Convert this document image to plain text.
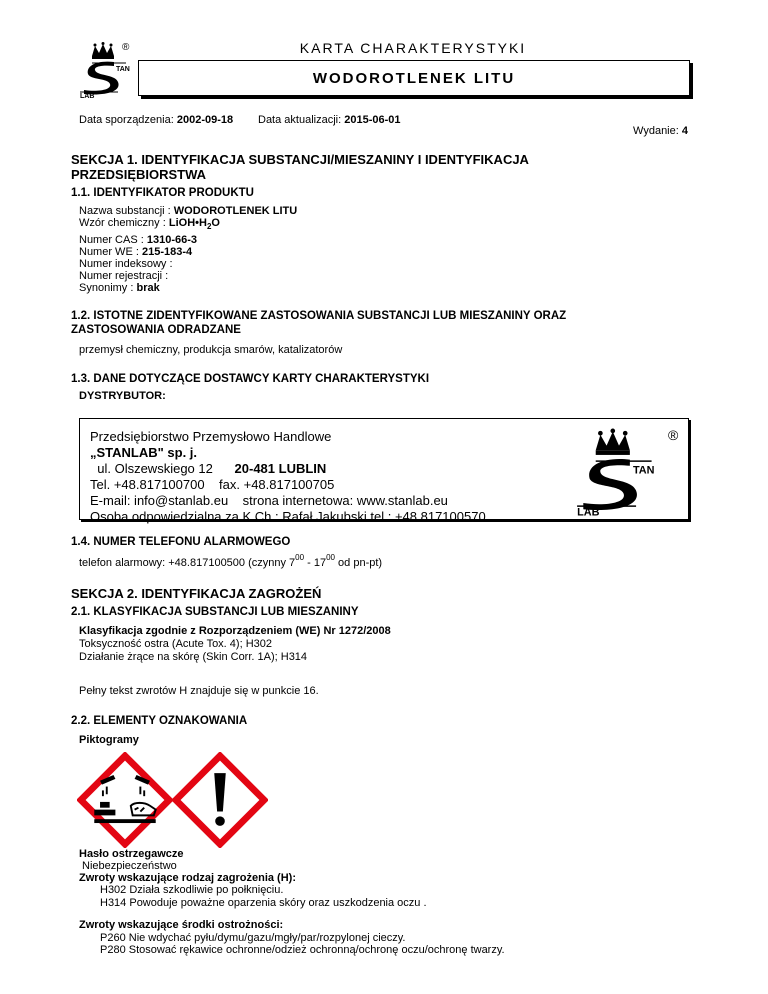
TAN
LAB
®	KARTA CHARAKTERYSTYKI
WODOROTLENEK LITU
Data sporządzenia: 2002-09-18 Data aktualizacji: 2015-06-01
Wydanie: 4
SEKCJA 1. IDENTYFIKACJA SUBSTANCJI/MIESZANINY I IDENTYFIKACJA
PRZEDSIĘBIORSTWA
1.1. IDENTYFIKATOR PRODUKTU
Nazwa substancji : WODOROTLENEK LITU
Wzór chemiczny : $LiOH•H_2O$
Numer CAS : 1310-66-3
Numer WE : 215-183-4
Numer indeksowy :
Numer rejestracji :
Synonimy : brak
1.2. ISTOTNE ZIDENTYFIKOWANE ZASTOSOWANIA SUBSTANCJI LUB MIESZANINY ORAZ
ZASTOSOWANIA ODRADZANE
przemysł chemiczny, produkcja smarów, katalizatorów
1.3. DANE DOTYCZĄCE DOSTAWCY KARTY CHARAKTERYSTYKI
DYSTRYBUTOR:
Przedsiębiorstwo Przemysłowo Handlowe
„STANLAB" sp. j.
ul. Olszewskiego 12 20-481 LUBLIN
Tel. +48.817100700 fax. +48.817100705
E-mail: info@stanlab.eu strona internetowa: www.stanlab.eu
Osoba odpowiedzialna za K.Ch.: Rafał Jakubski tel.: +48.817100570
TAN
LAB
®
1.4. NUMER TELEFONU ALARMOWEGO
telefon alarmowy: +48.817100500 (czynny $7^{00} - 17^{00}$ od pn-pt)
SEKCJA 2. IDENTYFIKACJA ZAGROŻEŃ
2.1. KLASYFIKACJA SUBSTANCJI LUB MIESZANINY
Klasyfikacja zgodnie z Rozporządzeniem (WE) Nr 1272/2008
Toksyczność ostra (Acute Tox. 4); H302
Działanie żrące na skórę (Skin Corr. 1A); H314
Pełny tekst zwrotów H znajduje się w punkcie 16.
2.2. ELEMENTY OZNAKOWANIA
Piktogramy
Hasło ostrzegawcze
Niebezpieczeństwo
Zwroty wskazujące rodzaj zagrożenia (H):
H302 Działa szkodliwie po połknięciu.
H314 Powoduje poważne oparzenia skóry oraz uszkodzenia oczu .
Zwroty wskazujące środki ostrożności:
P260 Nie wdychać pyłu/dymu/gazu/mgły/par/rozpylonej cieczy.
P280 Stosować rękawice ochronne/odzież ochronną/ochronę oczu/ochronę twarzy.
